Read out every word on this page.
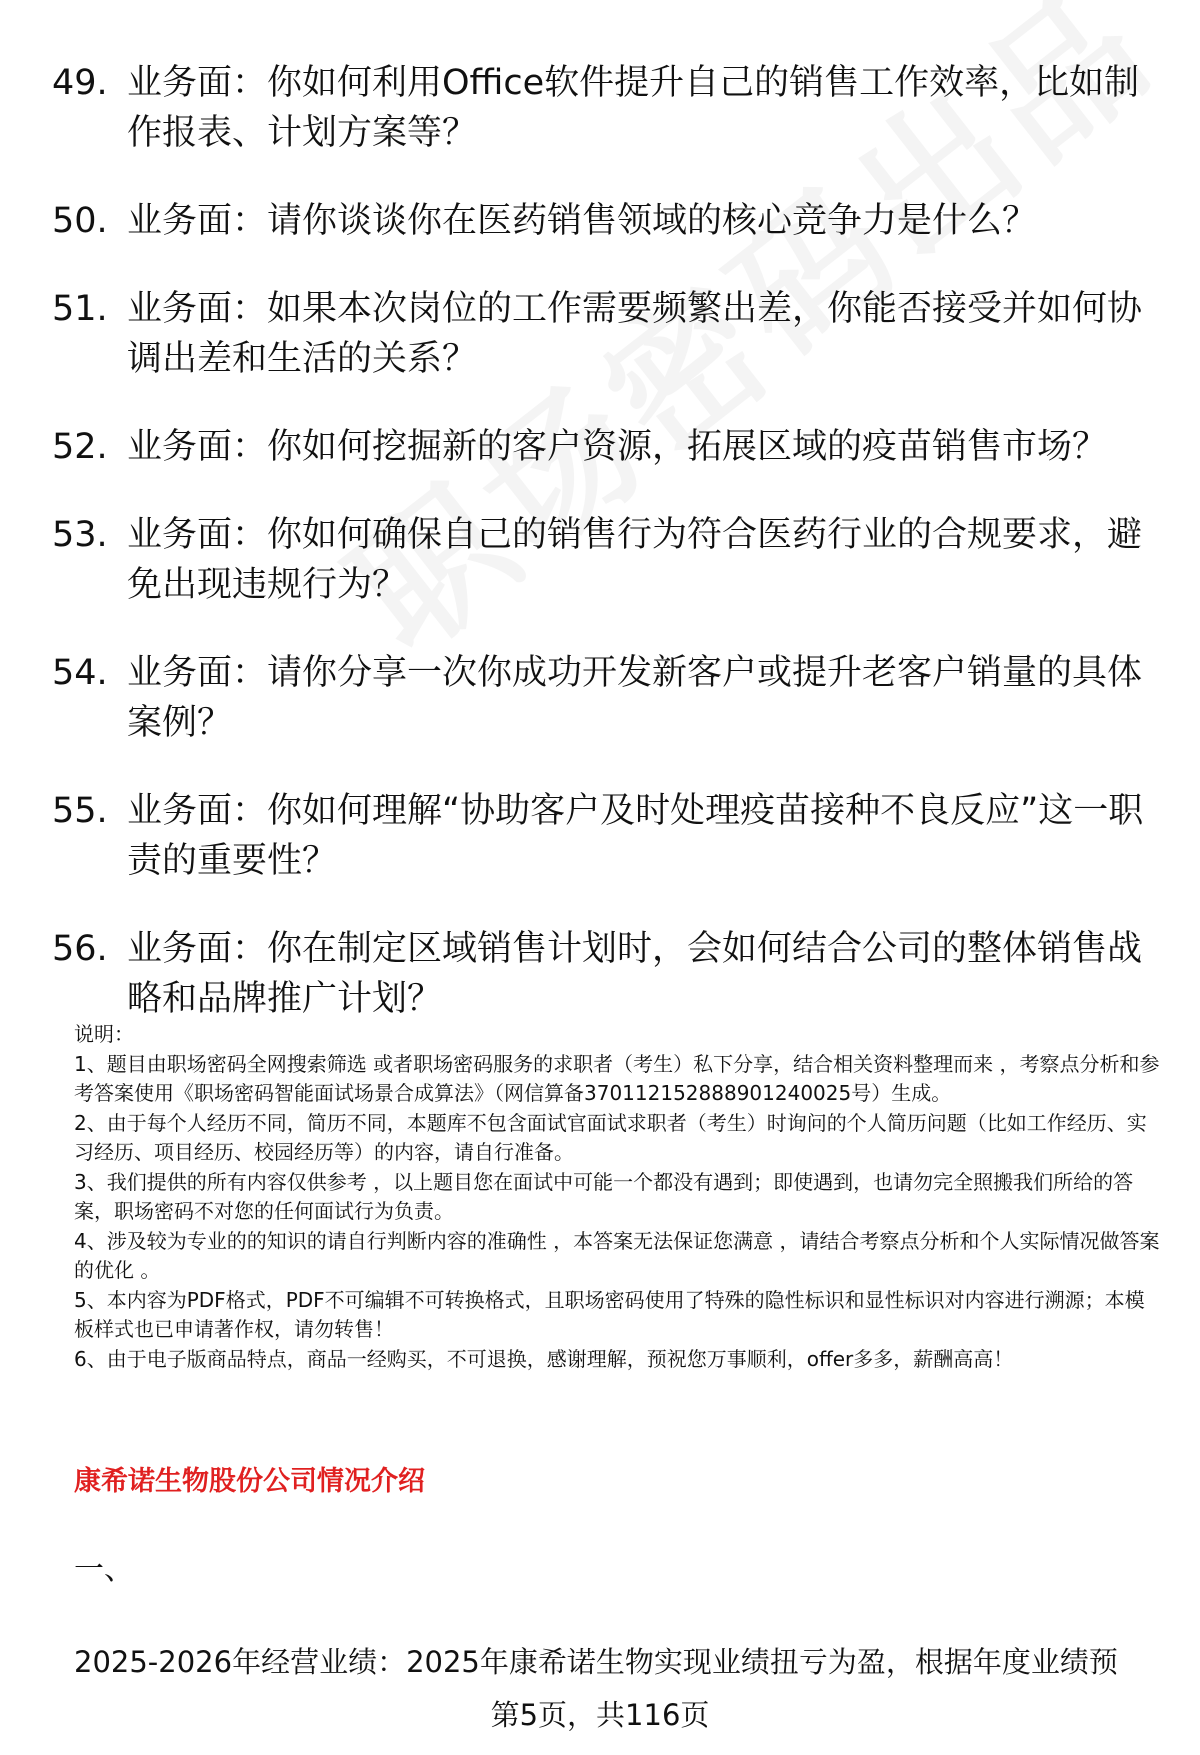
49. 业务面：你如何利用Office软件提升自己的销售工作效率，比如制作报表、计划方案等？
50. 业务面：请你谈谈你在医药销售领域的核心竞争力是什么？
51. 业务面：如果本次岗位的工作需要频繁出差，你能否接受并如何协调出差和生活的关系？
52. 业务面：你如何挖掘新的客户资源，拓展区域的疫苗销售市场？
53. 业务面：你如何确保自己的销售行为符合医药行业的合规要求，避免出现违规行为？
54. 业务面：请你分享一次你成功开发新客户或提升老客户销量的具体案例？
55. 业务面：你如何理解“协助客户及时处理疫苗接种不良反应”这一职责的重要性？
56. 业务面：你在制定区域销售计划时，会如何结合公司的整体销售战略和品牌推广计划？

说明：

1、题目由职场密码全网搜索筛选 或者职场密码服务的求职者（考生）私下分享，结合相关资料整理而来 ，考察点分析和参考答案使用《职场密码智能面试场景合成算法》（网信算备370112152888901240025号）生成。

2、由于每个人经历不同，简历不同，本题库不包含面试官面试求职者（考生）时询问的个人简历问题（比如工作经历、实习经历、项目经历、校园经历等）的内容，请自行准备。

3、我们提供的所有内容仅供参考 ，以上题目您在面试中可能一个都没有遇到；即使遇到，也请勿完全照搬我们所给的答案，职场密码不对您的任何面试行为负责。

4、涉及较为专业的的知识的请自行判断内容的准确性 ，本答案无法保证您满意 ，请结合考察点分析和个人实际情况做答案的优化 。

5、本内容为PDF格式，PDF不可编辑不可转换格式，且职场密码使用了特殊的隐性标识和显性标识对内容进行溯源；本模板样式也已申请著作权，请勿转售！

6、由于电子版商品特点，商品一经购买，不可退换，感谢理解，预祝您万事顺利，offer多多，薪酬高高！

康希诺生物股份公司情况介绍
一、
2025-2026年经营业绩：2025年康希诺生物实现业绩扭亏为盈，根据年度业绩预
第5页，共116页
